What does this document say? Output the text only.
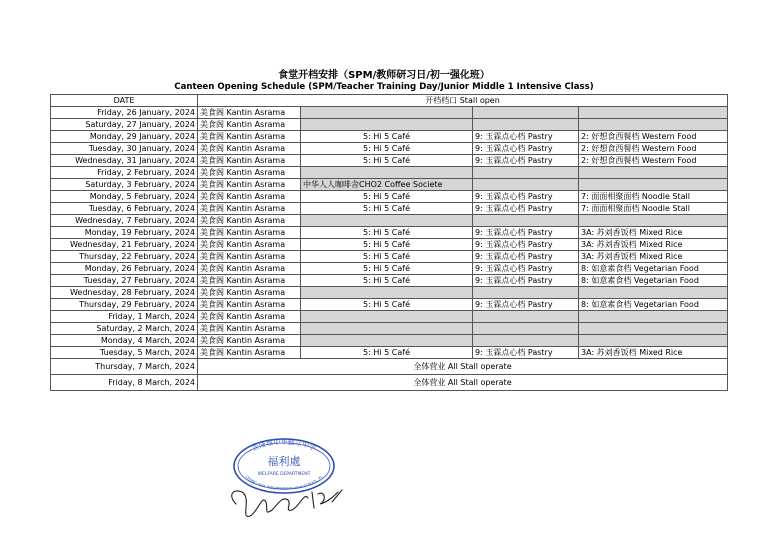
食堂开档安排（SPM/教师研习日/初一强化班）
Canteen Opening Schedule (SPM/Teacher Training Day/Junior Middle 1 Intensive Class)
DATE	开档档口 Stall open			
Friday, 26 January, 2024	美食阁 Kantin Asrama			
Saturday, 27 January, 2024	美食阁 Kantin Asrama			
Monday, 29 January, 2024	美食阁 Kantin Asrama	5: Hi 5 Café	9: 玉霖点心档 Pastry	2: 好想食西餐档 Western Food
Tuesday, 30 January, 2024	美食阁 Kantin Asrama	5: Hi 5 Café	9: 玉霖点心档 Pastry	2: 好想食西餐档 Western Food
Wednesday, 31 January, 2024	美食阁 Kantin Asrama	5: Hi 5 Café	9: 玉霖点心档 Pastry	2: 好想食西餐档 Western Food
Friday, 2 February, 2024	美食阁 Kantin Asrama			
Saturday, 3 February, 2024	美食阁 Kantin Asrama	中华人人咖啡舍CHO2 Coffee Societe		
Monday, 5 February, 2024	美食阁 Kantin Asrama	5: Hi 5 Café	9: 玉霖点心档 Pastry	7: 面面相聚面档 Noodle Stall
Tuesday, 6 February, 2024	美食阁 Kantin Asrama	5: Hi 5 Café	9: 玉霖点心档 Pastry	7: 面面相聚面档 Noodle Stall
Wednesday, 7 February, 2024	美食阁 Kantin Asrama			
Monday, 19 February, 2024	美食阁 Kantin Asrama	5: Hi 5 Café	9: 玉霖点心档 Pastry	3A: 苏刘香饭档 Mixed Rice
Wednesday, 21 February, 2024	美食阁 Kantin Asrama	5: Hi 5 Café	9: 玉霖点心档 Pastry	3A: 苏刘香饭档 Mixed Rice
Thursday, 22 February, 2024	美食阁 Kantin Asrama	5: Hi 5 Café	9: 玉霖点心档 Pastry	3A: 苏刘香饭档 Mixed Rice
Monday, 26 February, 2024	美食阁 Kantin Asrama	5: Hi 5 Café	9: 玉霖点心档 Pastry	8: 如意素食档 Vegetarian Food
Tuesday, 27 February, 2024	美食阁 Kantin Asrama	5: Hi 5 Café	9: 玉霖点心档 Pastry	8: 如意素食档 Vegetarian Food
Wednesday, 28 February, 2024	美食阁 Kantin Asrama			
Thursday, 29 February, 2024	美食阁 Kantin Asrama	5: Hi 5 Café	9: 玉霖点心档 Pastry	8: 如意素食档 Vegetarian Food
Friday, 1 March, 2024	美食阁 Kantin Asrama			
Saturday, 2 March, 2024	美食阁 Kantin Asrama			
Monday, 4 March, 2024	美食阁 Kantin Asrama			
Tuesday, 5 March, 2024	美食阁 Kantin Asrama	5: Hi 5 Café	9: 玉霖点心档 Pastry	3A: 苏刘香饭档 Mixed Rice
Thursday, 7 March, 2024	全体营业 All Stall operate			
Friday, 8 March, 2024	全体营业 All Stall operate			
吉隆坡中华独立中学
福利處
WELFARE DEPARTMENT
CHONG HWA INDEPENDENT HIGH SCHOOL, KL
